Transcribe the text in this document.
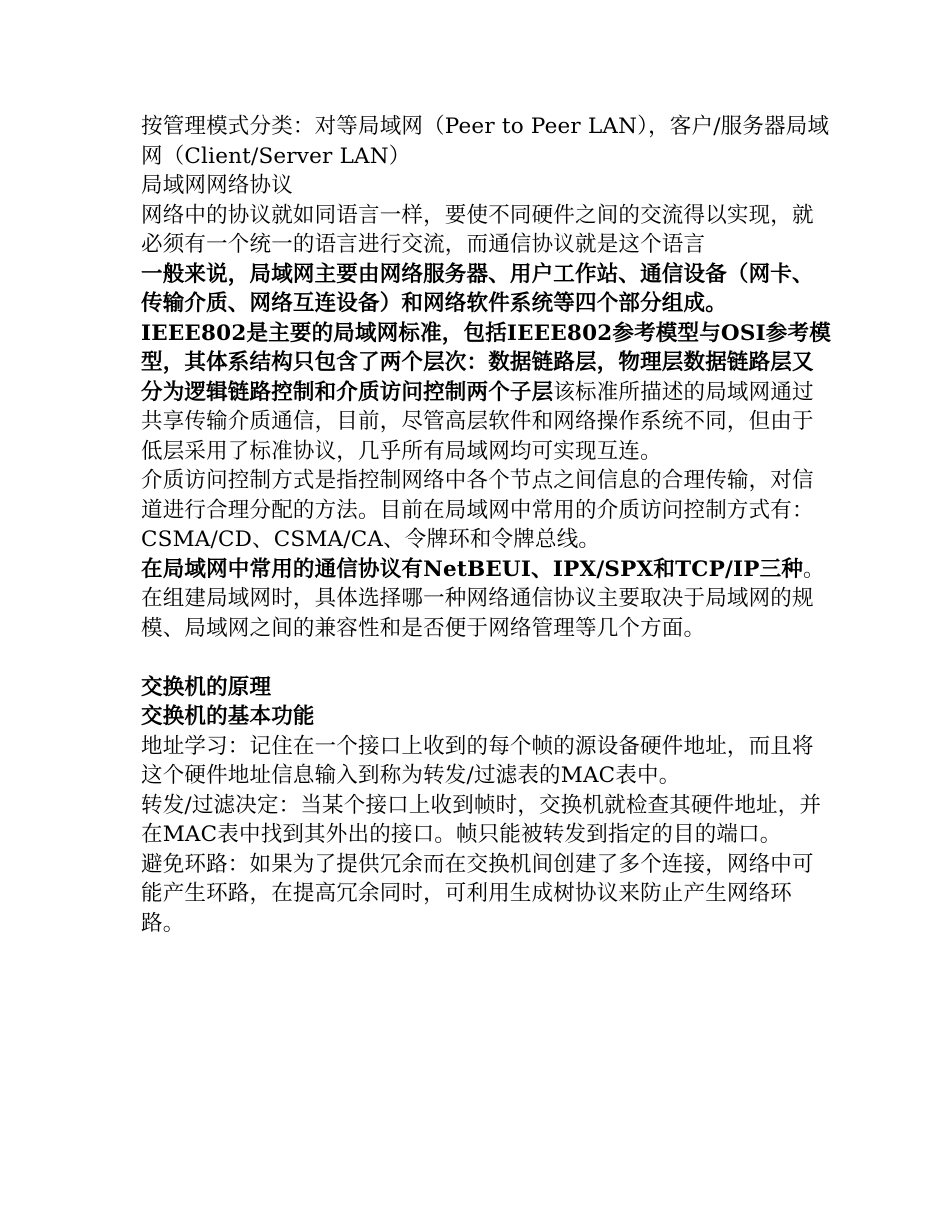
按管理模式分类：对等局域网（Peer to Peer LAN），客户/服务器局域网（Client/Server LAN）

局域网网络协议

网络中的协议就如同语言一样，要使不同硬件之间的交流得以实现，就必须有一个统一的语言进行交流，而通信协议就是这个语言

一般来说，局域网主要由网络服务器、用户工作站、通信设备（网卡、传输介质、网络互连设备）和网络软件系统等四个部分组成。

IEEE802是主要的局域网标准，包括IEEE802参考模型与OSI参考模型，其体系结构只包含了两个层次：数据链路层，物理层数据链路层又分为逻辑链路控制和介质访问控制两个子层该标准所描述的局域网通过共享传输介质通信，目前，尽管高层软件和网络操作系统不同，但由于低层采用了标准协议，几乎所有局域网均可实现互连。

介质访问控制方式是指控制网络中各个节点之间信息的合理传输，对信道进行合理分配的方法。目前在局域网中常用的介质访问控制方式有： CSMA/CD、CSMA/CA、令牌环和令牌总线。

在局域网中常用的通信协议有NetBEUI、IPX/SPX和TCP/IP三种。在组建局域网时，具体选择哪一种网络通信协议主要取决于局域网的规模、局域网之间的兼容性和是否便于网络管理等几个方面。

交换机的原理

交换机的基本功能

地址学习：记住在一个接口上收到的每个帧的源设备硬件地址，而且将这个硬件地址信息输入到称为转发/过滤表的MAC表中。

转发/过滤决定：当某个接口上收到帧时，交换机就检查其硬件地址，并在MAC表中找到其外出的接口。帧只能被转发到指定的目的端口。

避免环路：如果为了提供冗余而在交换机间创建了多个连接，网络中可能产生环路，在提高冗余同时，可利用生成树协议来防止产生网络环路。
